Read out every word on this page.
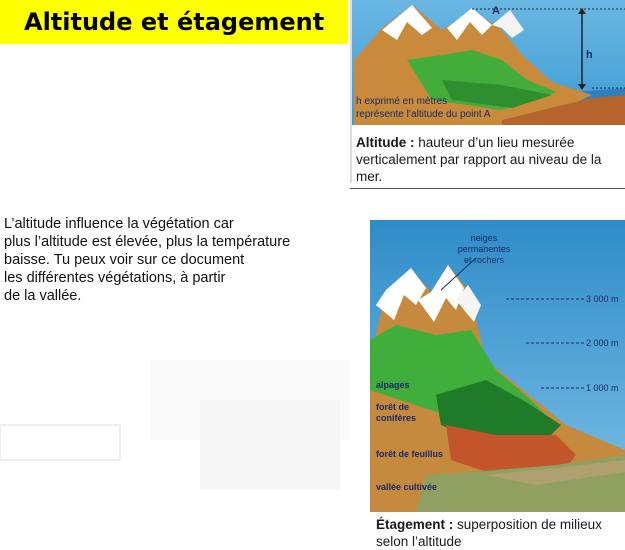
Altitude et étagement
L’altitude influence la végétation car
plus l’altitude est élevée, plus la température
baisse. Tu peux voir sur ce document
les différentes végétations, à partir
de la vallée.
A
h
h exprimé en mètres
représente l’altitude du point A
Altitude : hauteur d’un lieu mesurée
verticalement par rapport au niveau de la mer.
neiges
permanentes
et rochers
3 000 m
2 000 m
1 000 m
alpages
forêt de
conifères
forêt de feuillus
vallée cultivée
Étagement : superposition de milieux
selon l’altitude
